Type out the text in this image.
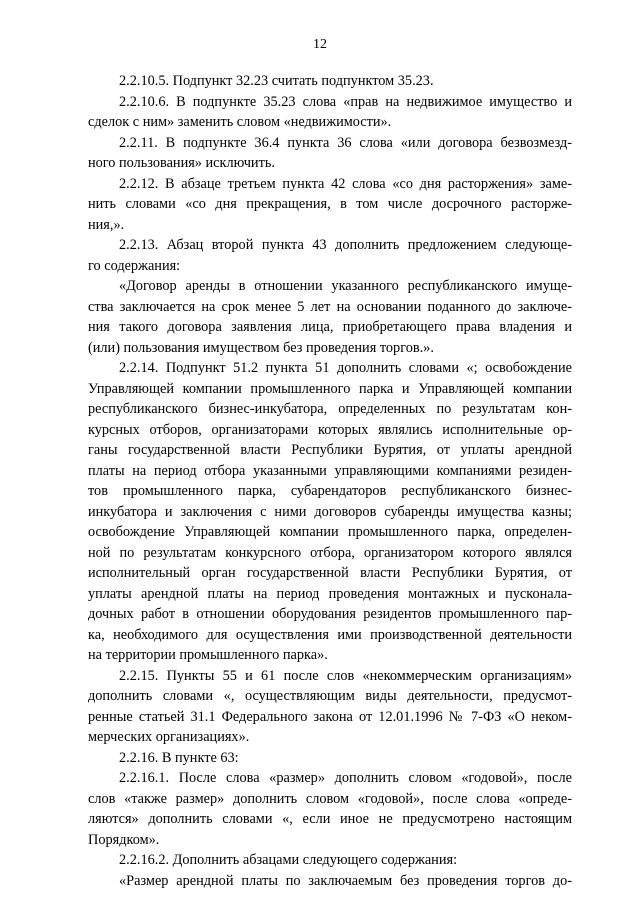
12
2.2.10.5. Подпункт 32.23 считать подпунктом 35.23.
2.2.10.6. В подпункте 35.23 слова «прав на недвижимое имущество и
сделок с ним» заменить словом «недвижимости».
2.2.11. В подпункте 36.4 пункта 36 слова «или договора безвозмезд-
ного пользования» исключить.
2.2.12. В абзаце третьем пункта 42 слова «со дня расторжения» заме-
нить словами «со дня прекращения, в том числе досрочного расторже-
ния,».
2.2.13. Абзац второй пункта 43 дополнить предложением следующе-
го содержания:
«Договор аренды в отношении указанного республиканского имуще-
ства заключается на срок менее 5 лет на основании поданного до заключе-
ния такого договора заявления лица, приобретающего права владения и
(или) пользования имуществом без проведения торгов.».
2.2.14. Подпункт 51.2 пункта 51 дополнить словами «; освобождение
Управляющей компании промышленного парка и Управляющей компании
республиканского бизнес-инкубатора, определенных по результатам кон-
курсных отборов, организаторами которых являлись исполнительные ор-
ганы государственной власти Республики Бурятия, от уплаты арендной
платы на период отбора указанными управляющими компаниями резиден-
тов промышленного парка, субарендаторов республиканского бизнес-
инкубатора и заключения с ними договоров субаренды имущества казны;
освобождение Управляющей компании промышленного парка, определен-
ной по результатам конкурсного отбора, организатором которого являлся
исполнительный орган государственной власти Республики Бурятия, от
уплаты арендной платы на период проведения монтажных и пусконала-
дочных работ в отношении оборудования резидентов промышленного пар-
ка, необходимого для осуществления ими производственной деятельности
на территории промышленного парка».
2.2.15. Пункты 55 и 61 после слов «некоммерческим организациям»
дополнить словами «, осуществляющим виды деятельности, предусмот-
ренные статьей 31.1 Федерального закона от 12.01.1996 № 7-ФЗ «О неком-
мерческих организациях».
2.2.16. В пункте 63:
2.2.16.1. После слова «размер» дополнить словом «годовой», после
слов «также размер» дополнить словом «годовой», после слова «опреде-
ляются» дополнить словами «, если иное не предусмотрено настоящим
Порядком».
2.2.16.2. Дополнить абзацами следующего содержания:
«Размер арендной платы по заключаемым без проведения торгов до-
